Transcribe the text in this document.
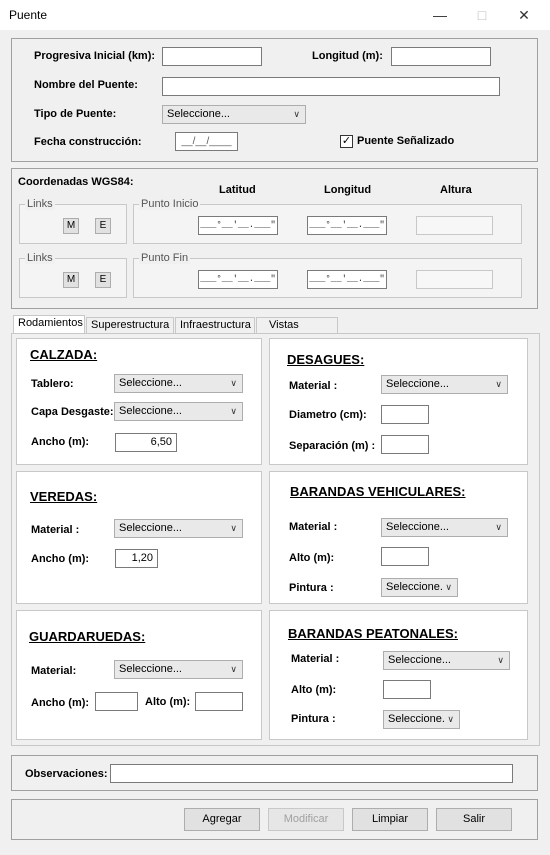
Puente	—	□	✕
Progresiva Inicial (km):	Longitud (m):
Nombre del Puente:
Tipo de Puente:	Seleccione...	∨
Fecha construcción:	__/__/____	✓ Puente Señalizado
Coordenadas WGS84:
Latitud	Longitud	Altura
Links
M	E
Punto Inicio
___°__'__.___"	___°__'__.___"
Links
M	E
Punto Fin
___°__'__.___"	___°__'__.___"
Rodamientos Superestructura Infraestructura	Vistas
CALZADA:
Tablero:	Seleccione...	∨
Capa Desgaste: Seleccione...	∨
Ancho (m):	6,50
DESAGUES:
Material :	Seleccione...	∨
Diametro (cm):
Separación (m) :
VEREDAS:
Material :	Seleccione...	∨
Ancho (m):	1,20
BARANDAS VEHICULARES:
Material :	Seleccione...	∨
Alto (m):
Pintura :	Seleccione. ∨
GUARDARUEDAS:
Material:	Seleccione...	∨
Ancho (m):	Alto (m):
BARANDAS PEATONALES:
Material :	Seleccione...	∨
Alto (m):
Pintura :	Seleccione. ∨
Observaciones:
Agregar	Modificar	Limpiar	Salir
